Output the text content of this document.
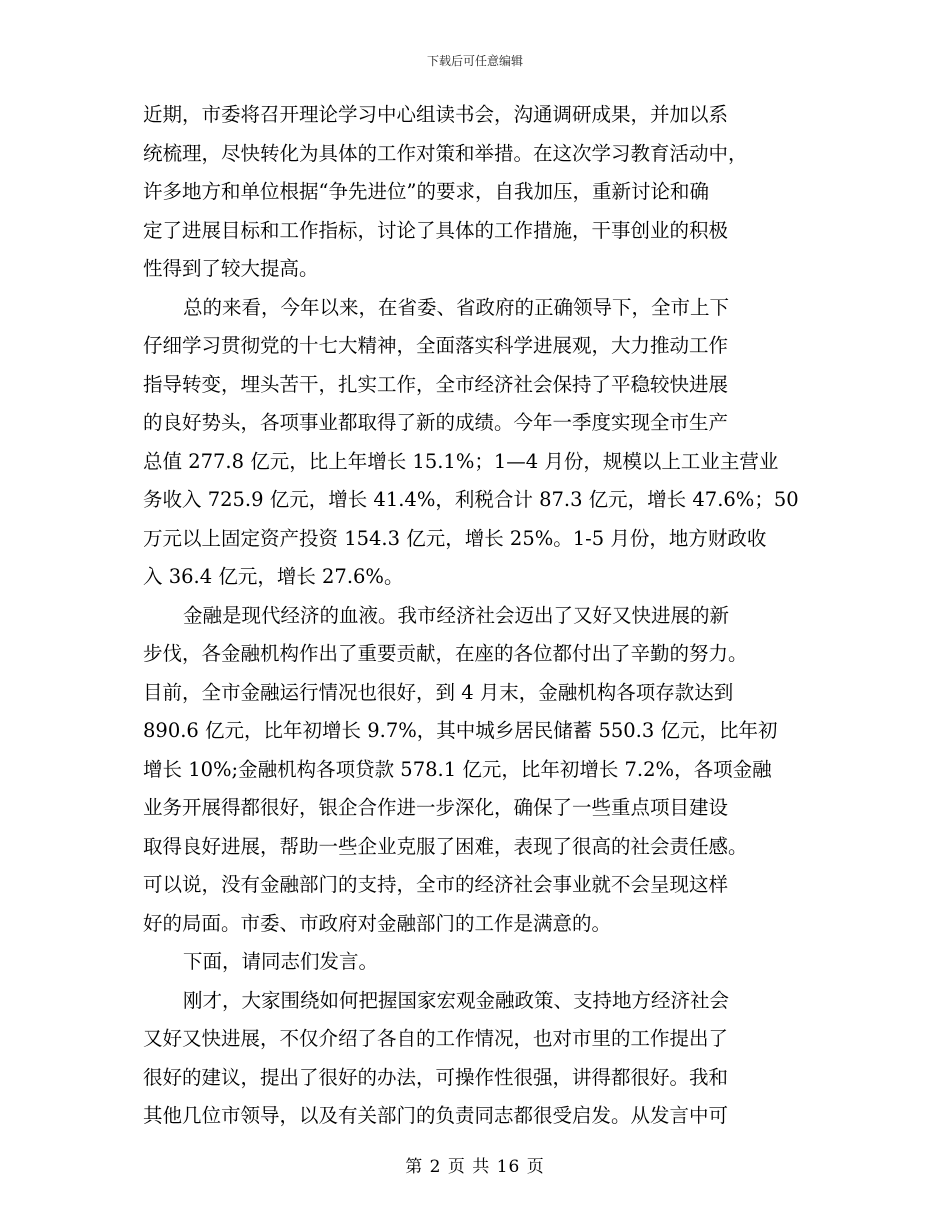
下载后可任意编辑
近期，市委将召开理论学习中心组读书会，沟通调研成果，并加以系
统梳理，尽快转化为具体的工作对策和举措。在这次学习教育活动中，
许多地方和单位根据“争先进位”的要求，自我加压，重新讨论和确
定了进展目标和工作指标，讨论了具体的工作措施，干事创业的积极
性得到了较大提高。
总的来看，今年以来，在省委、省政府的正确领导下，全市上下
仔细学习贯彻党的十七大精神，全面落实科学进展观，大力推动工作
指导转变，埋头苦干，扎实工作，全市经济社会保持了平稳较快进展
的良好势头，各项事业都取得了新的成绩。今年一季度实现全市生产
总值 277.8 亿元，比上年增长 15.1%；1—4 月份，规模以上工业主营业
务收入 725.9 亿元，增长 41.4%，利税合计 87.3 亿元，增长 47.6%；50
万元以上固定资产投资 154.3 亿元，增长 25%。1-5 月份，地方财政收
入 36.4 亿元，增长 27.6%。
金融是现代经济的血液。我市经济社会迈出了又好又快进展的新
步伐，各金融机构作出了重要贡献，在座的各位都付出了辛勤的努力。
目前，全市金融运行情况也很好，到 4 月末，金融机构各项存款达到
890.6 亿元，比年初增长 9.7%，其中城乡居民储蓄 550.3 亿元，比年初
增长 10%;金融机构各项贷款 578.1 亿元，比年初增长 7.2%，各项金融
业务开展得都很好，银企合作进一步深化，确保了一些重点项目建设
取得良好进展，帮助一些企业克服了困难，表现了很高的社会责任感。
可以说，没有金融部门的支持，全市的经济社会事业就不会呈现这样
好的局面。市委、市政府对金融部门的工作是满意的。
下面，请同志们发言。
刚才，大家围绕如何把握国家宏观金融政策、支持地方经济社会
又好又快进展，不仅介绍了各自的工作情况，也对市里的工作提出了
很好的建议，提出了很好的办法，可操作性很强，讲得都很好。我和
其他几位市领导，以及有关部门的负责同志都很受启发。从发言中可
第 2 页 共 16 页
